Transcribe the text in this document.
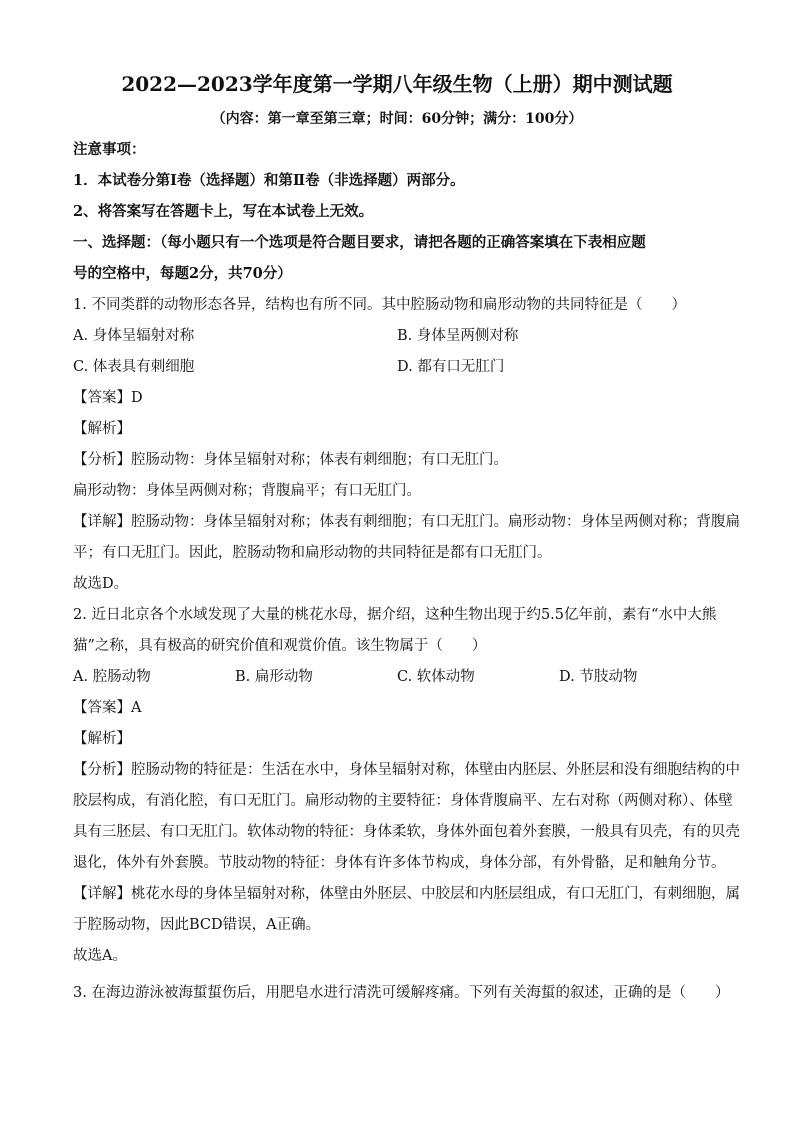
2022—2023学年度第一学期八年级生物（上册）期中测试题
（内容：第一章至第三章；时间：60分钟；满分：100分）
注意事项：
1．本试卷分第Ⅰ卷（选择题）和第Ⅱ卷（非选择题）两部分。
2、将答案写在答题卡上，写在本试卷上无效。
一、选择题：（每小题只有一个选项是符合题目要求，请把各题的正确答案填在下表相应题
号的空格中，每题2分，共70分）
1. 不同类群的动物形态各异，结构也有所不同。其中腔肠动物和扁形动物的共同特征是（　　）
A. 身体呈辐射对称	B. 身体呈两侧对称
C. 体表具有刺细胞	D. 都有口无肛门
【答案】D
【解析】
【分析】腔肠动物：身体呈辐射对称；体表有刺细胞；有口无肛门。
扁形动物：身体呈两侧对称；背腹扁平；有口无肛门。
【详解】腔肠动物：身体呈辐射对称；体表有刺细胞；有口无肛门。扁形动物：身体呈两侧对称；背腹扁
平；有口无肛门。因此，腔肠动物和扁形动物的共同特征是都有口无肛门。
故选D。
2. 近日北京各个水域发现了大量的桃花水母，据介绍，这种生物出现于约5.5亿年前，素有“水中大熊
猫”之称，具有极高的研究价值和观赏价值。该生物属于（　　）
A. 腔肠动物	B. 扁形动物	C. 软体动物	D. 节肢动物
【答案】A
【解析】
【分析】腔肠动物的特征是：生活在水中，身体呈辐射对称，体壁由内胚层、外胚层和没有细胞结构的中
胶层构成，有消化腔，有口无肛门。扁形动物的主要特征：身体背腹扁平、左右对称（两侧对称）、体壁
具有三胚层、有口无肛门。软体动物的特征：身体柔软，身体外面包着外套膜，一般具有贝壳，有的贝壳
退化，体外有外套膜。节肢动物的特征：身体有许多体节构成，身体分部，有外骨骼，足和触角分节。
【详解】桃花水母的身体呈辐射对称，体壁由外胚层、中胶层和内胚层组成，有口无肛门，有刺细胞，属
于腔肠动物，因此BCD错误，A正确。
故选A。
3. 在海边游泳被海蜇蜇伤后，用肥皂水进行清洗可缓解疼痛。下列有关海蜇的叙述，正确的是（　　）
